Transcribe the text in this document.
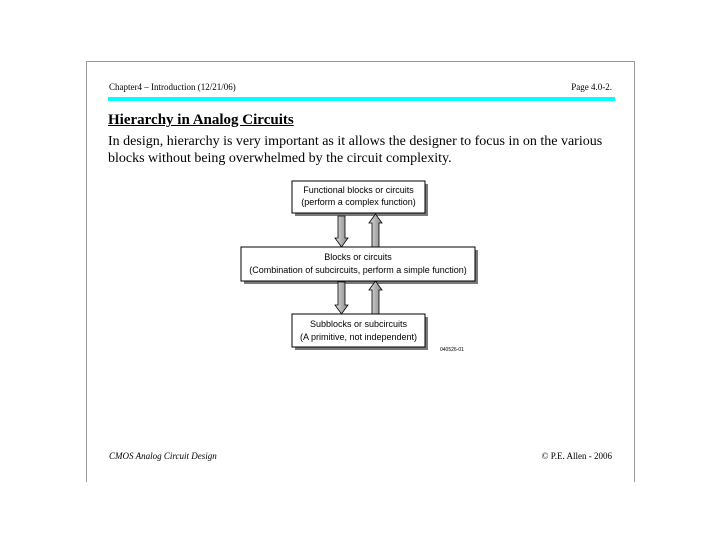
Chapter4 – Introduction (12/21/06)	Page 4.0-2.
Hierarchy in Analog Circuits
In design, hierarchy is very important as it allows the designer to focus in on the various
blocks without being overwhelmed by the circuit complexity.
Functional blocks or circuits
(perform a complex function)
Blocks or circuits
(Combination of subcircuits, perform a simple function)
Subblocks or subcircuits
(A primitive, not independent)
040526-01
CMOS Analog Circuit Design	© P.E. Allen - 2006
